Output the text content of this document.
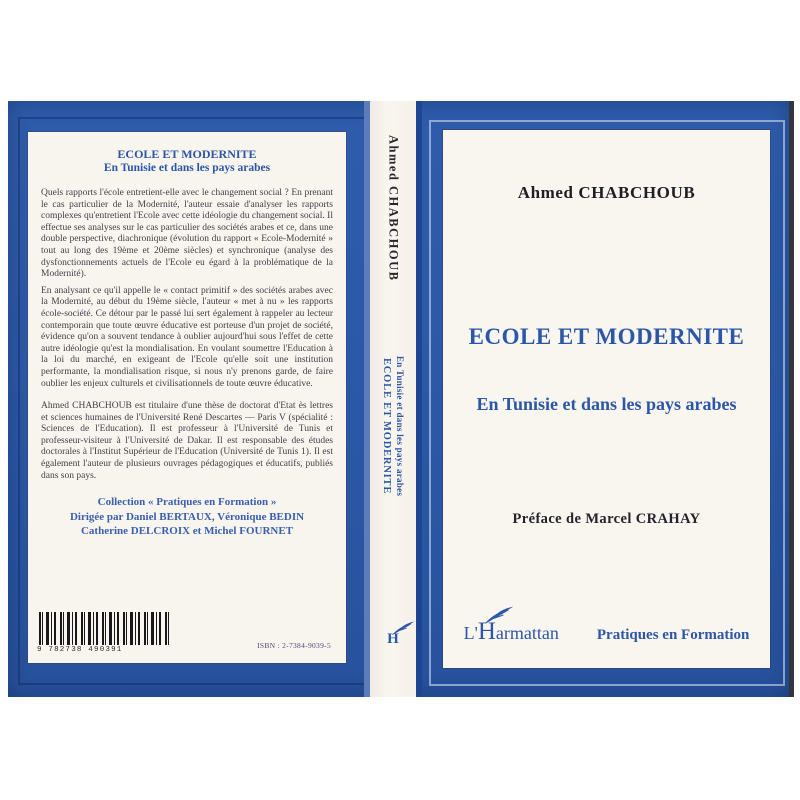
ECOLE ET MODERNITE
En Tunisie et dans les pays arabes

Quels rapports l'école entretient-elle avec le changement social ? En prenant le cas particulier de la Modernité, l'auteur essaie d'analyser les rapports complexes qu'entretient l'Ecole avec cette idéologie du changement social. Il effectue ses analyses sur le cas particulier des sociétés arabes et ce, dans une double perspective, diachronique (évolution du rapport « Ecole-Modernité » tout au long des 19ème et 20ème siècles) et synchronique (analyse des dysfonctionnements actuels de l'Ecole eu égard à la problématique de la Modernité).

En analysant ce qu'il appelle le « contact primitif » des sociétés arabes avec la Modernité, au début du 19ème siècle, l'auteur « met à nu » les rapports école-société. Ce détour par le passé lui sert également à rappeler au lecteur contemporain que toute œuvre éducative est porteuse d'un projet de société, évidence qu'on a souvent tendance à oublier aujourd'hui sous l'effet de cette autre idéologie qu'est la mondialisation. En voulant soumettre l'Education à la loi du marché, en exigeant de l'Ecole qu'elle soit une institution performante, la mondialisation risque, si nous n'y prenons garde, de faire oublier les enjeux culturels et civilisationnels de toute œuvre éducative.

Ahmed CHABCHOUB est titulaire d'une thèse de doctorat d'Etat ès lettres et sciences humaines de l'Université René Descartes — Paris V (spécialité : Sciences de l'Education). Il est professeur à l'Université de Tunis et professeur-visiteur à l'Université de Dakar. Il est responsable des études doctorales à l'Institut Supérieur de l'Education (Université de Tunis 1). Il est également l'auteur de plusieurs ouvrages pédagogiques et éducatifs, publiés dans son pays.

Collection « Pratiques en Formation »
Dirigée par Daniel BERTAUX, Véronique BEDIN
Catherine DELCROIX et Michel FOURNET
9 782738 490391	ISBN : 2-7384-9039-5
Ahmed CHABCHOUB
ECOLE ET MODERNITE En Tunisie et dans les pays arabes
H
Ahmed CHABCHOUB
ECOLE ET MODERNITE
En Tunisie et dans les pays arabes
Préface de Marcel CRAHAY
L'
Harmattan	Pratiques en Formation
